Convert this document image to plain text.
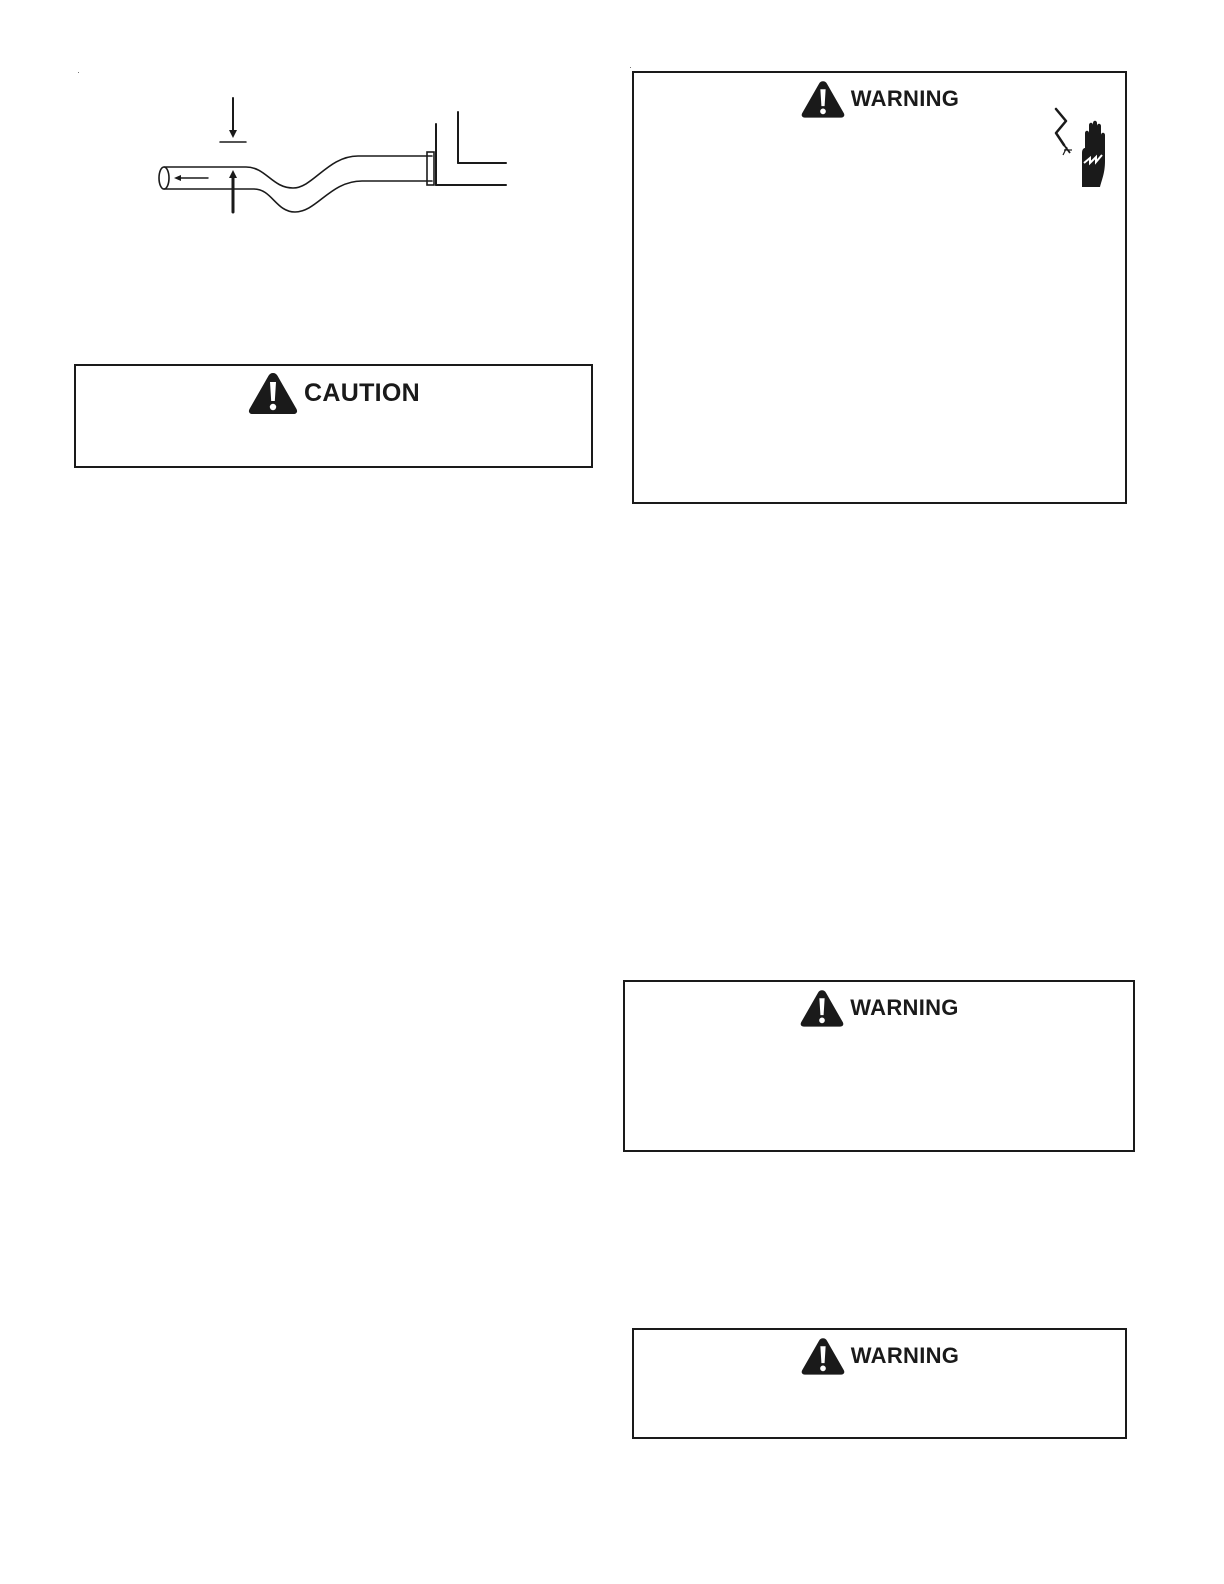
CAUTION
WARNING
WARNING
WARNING
